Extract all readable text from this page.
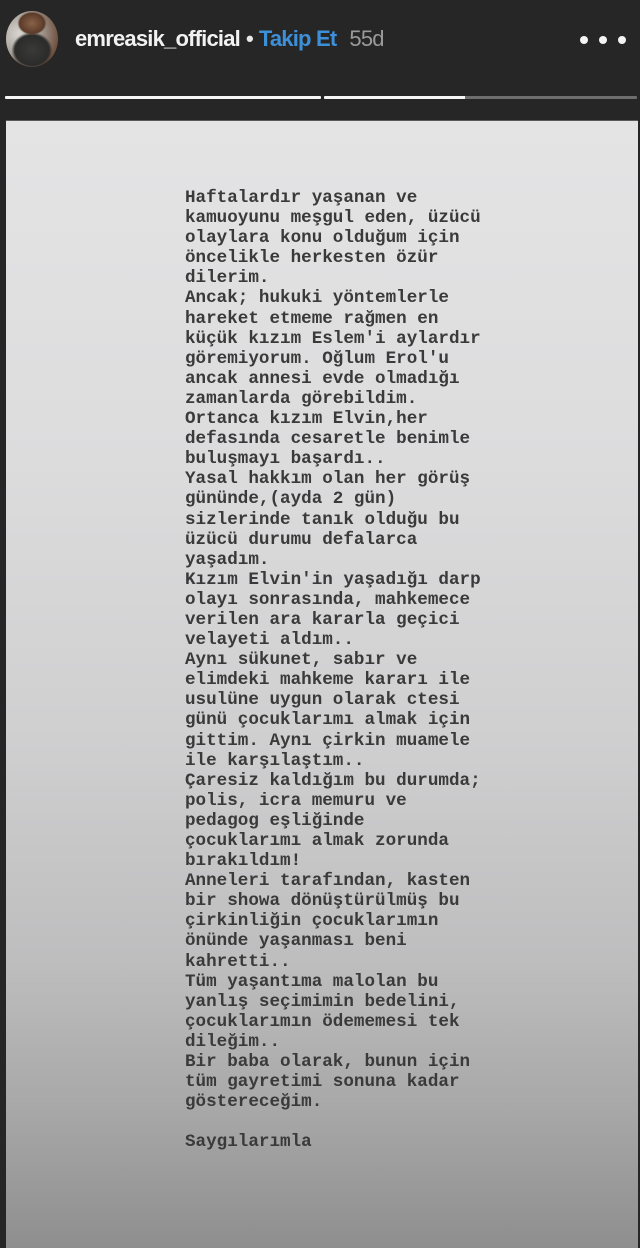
emreasik_official • Takip Et 55d
Haftalardır yaşanan ve
kamuoyunu meşgul eden, üzücü
olaylara konu olduğum için
öncelikle herkesten özür
dilerim.
Ancak; hukuki yöntemlerle
hareket etmeme rağmen en
küçük kızım Eslem'i aylardır
göremiyorum. Oğlum Erol'u
ancak annesi evde olmadığı
zamanlarda görebildim.
Ortanca kızım Elvin,her
defasında cesaretle benimle
buluşmayı başardı..
Yasal hakkım olan her görüş
gününde,(ayda 2 gün)
sizlerinde tanık olduğu bu
üzücü durumu defalarca
yaşadım.
Kızım Elvin'in yaşadığı darp
olayı sonrasında, mahkemece
verilen ara kararla geçici
velayeti aldım..
Aynı sükunet, sabır ve
elimdeki mahkeme kararı ile
usulüne uygun olarak ctesi
günü çocuklarımı almak için
gittim. Aynı çirkin muamele
ile karşılaştım..
Çaresiz kaldığım bu durumda;
polis, icra memuru ve
pedagog eşliğinde
çocuklarımı almak zorunda
bırakıldım!
Anneleri tarafından, kasten
bir showa dönüştürülmüş bu
çirkinliğin çocuklarımın
önünde yaşanması beni
kahretti..
Tüm yaşantıma malolan bu
yanlış seçimimin bedelini,
çocuklarımın ödememesi tek
dileğim..
Bir baba olarak, bunun için
tüm gayretimi sonuna kadar
göstereceğim.
Saygılarımla
